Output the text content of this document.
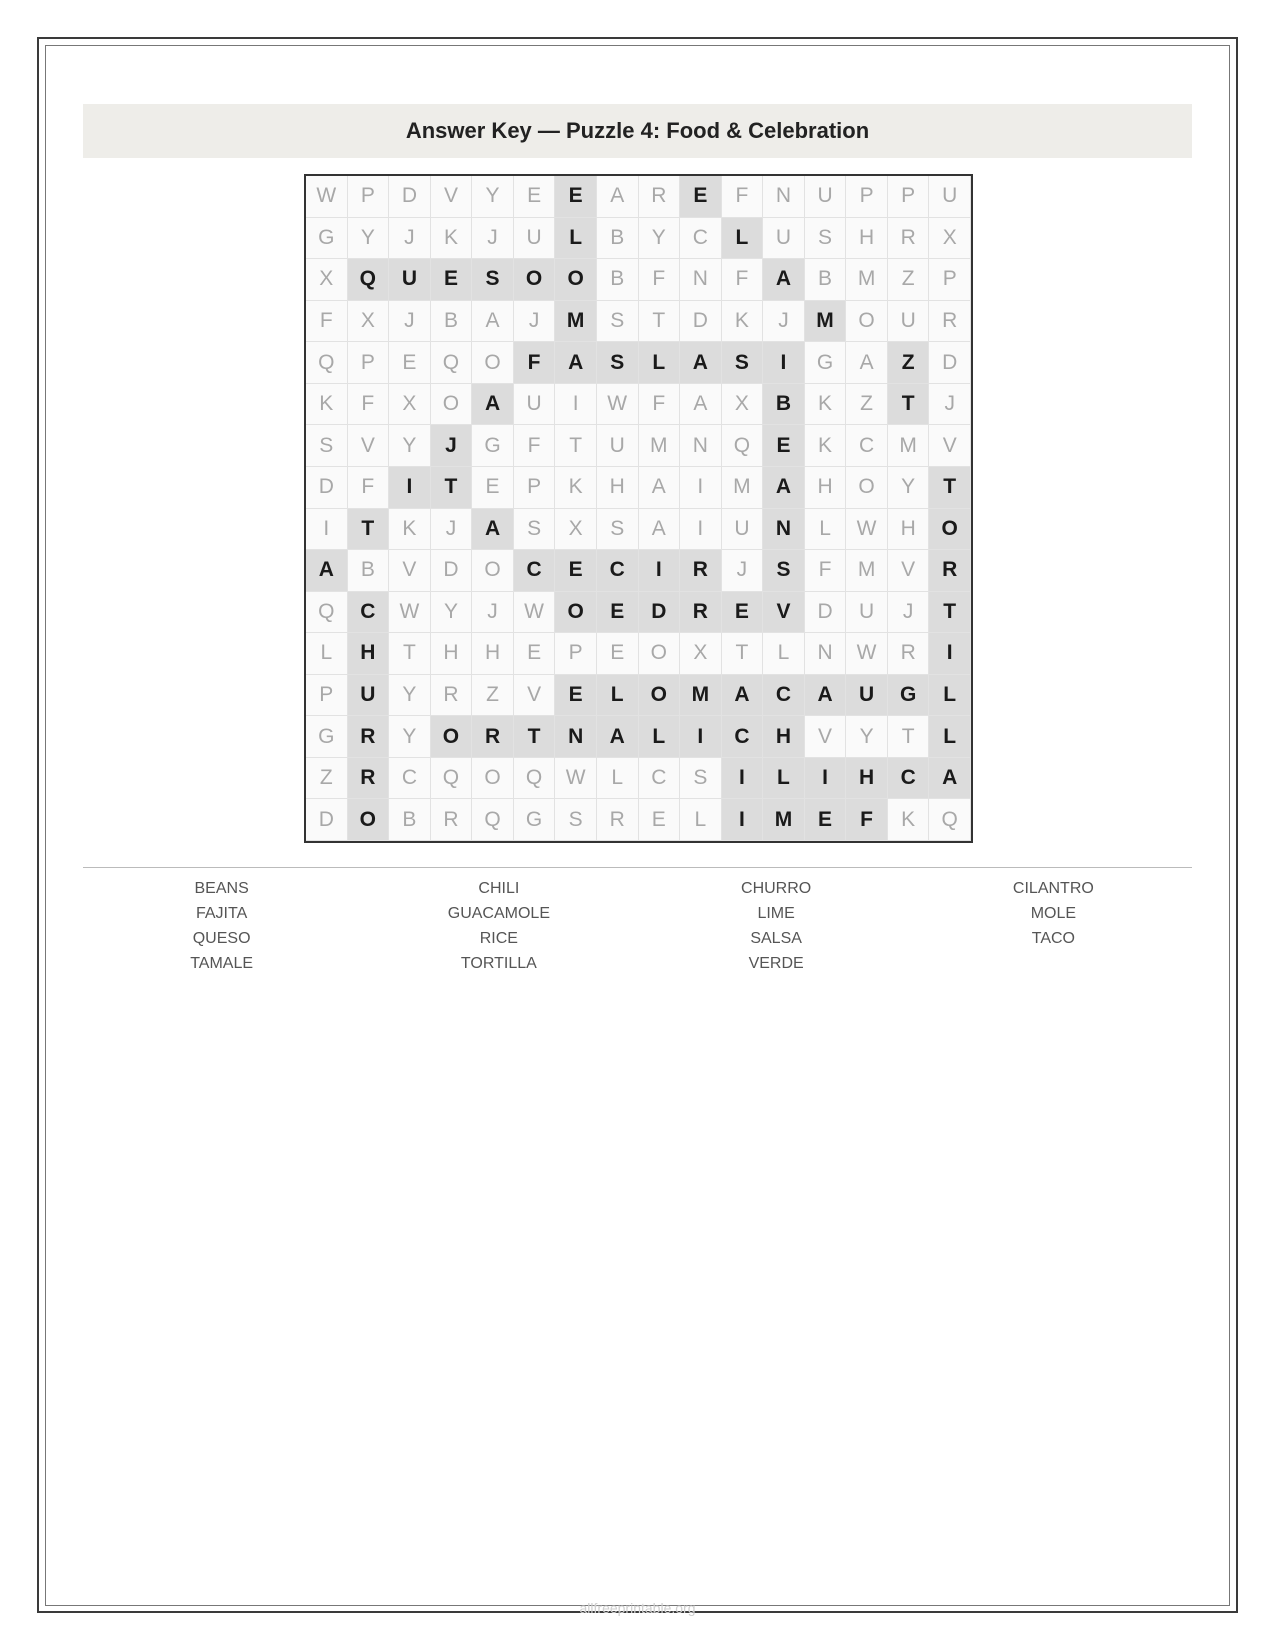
Answer Key — Puzzle 4: Food & Celebration
W	P	D	V	Y	E	E	A	R	E	F	N	U	P	P	U
G	Y	J	K	J	U	L	B	Y	C	L	U	S	H	R	X
X	Q	U	E	S	O	O	B	F	N	F	A	B	M	Z	P
F	X	J	B	A	J	M	S	T	D	K	J	M	O	U	R
Q	P	E	Q	O	F	A	S	L	A	S	I	G	A	Z	D
K	F	X	O	A	U	I	W	F	A	X	B	K	Z	T	J
S	V	Y	J	G	F	T	U	M	N	Q	E	K	C	M	V
D	F	I	T	E	P	K	H	A	I	M	A	H	O	Y	T
I	T	K	J	A	S	X	S	A	I	U	N	L	W	H	O
A	B	V	D	O	C	E	C	I	R	J	S	F	M	V	R
Q	C	W	Y	J	W	O	E	D	R	E	V	D	U	J	T
L	H	T	H	H	E	P	E	O	X	T	L	N	W	R	I
P	U	Y	R	Z	V	E	L	O	M	A	C	A	U	G	L
G	R	Y	O	R	T	N	A	L	I	C	H	V	Y	T	L
Z	R	C	Q	O	Q	W	L	C	S	I	L	I	H	C	A
D	O	B	R	Q	G	S	R	E	L	I	M	E	F	K	Q
BEANS	CHILI	CHURRO	CILANTRO
FAJITA	GUACAMOLE	LIME	MOLE
QUESO	RICE	SALSA	TACO
TAMALE	TORTILLA	VERDE
allfreeprintable.org
